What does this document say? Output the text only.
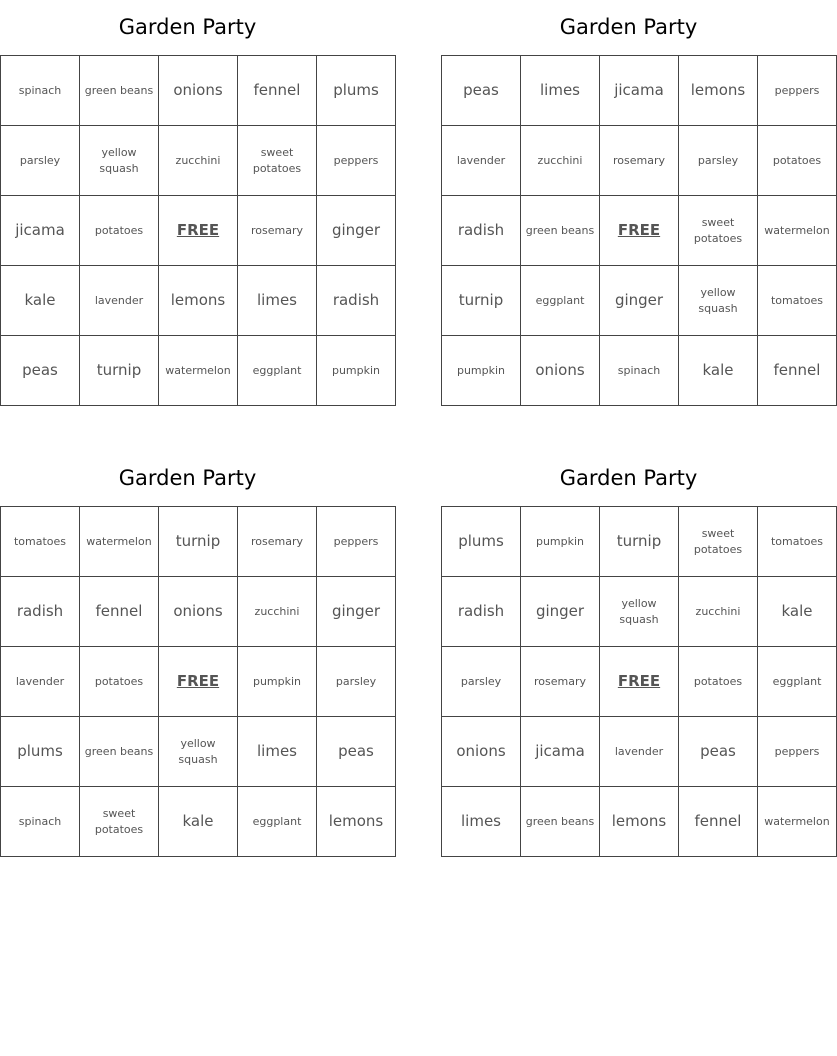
Garden Party
spinach	green beans	onions	fennel	plums
parsley	yellow squash	zucchini	sweet potatoes	peppers
jicama	potatoes	FREE	rosemary	ginger
kale	lavender	lemons	limes	radish
peas	turnip	watermelon	eggplant	pumpkin
Garden Party
peas	limes	jicama	lemons	peppers
lavender	zucchini	rosemary	parsley	potatoes
radish	green beans	FREE	sweet potatoes	watermelon
turnip	eggplant	ginger	yellow squash	tomatoes
pumpkin	onions	spinach	kale	fennel
Garden Party
tomatoes	watermelon	turnip	rosemary	peppers
radish	fennel	onions	zucchini	ginger
lavender	potatoes	FREE	pumpkin	parsley
plums	green beans	yellow squash	limes	peas
spinach	sweet potatoes	kale	eggplant	lemons
Garden Party
plums	pumpkin	turnip	sweet potatoes	tomatoes
radish	ginger	yellow squash	zucchini	kale
parsley	rosemary	FREE	potatoes	eggplant
onions	jicama	lavender	peas	peppers
limes	green beans	lemons	fennel	watermelon
